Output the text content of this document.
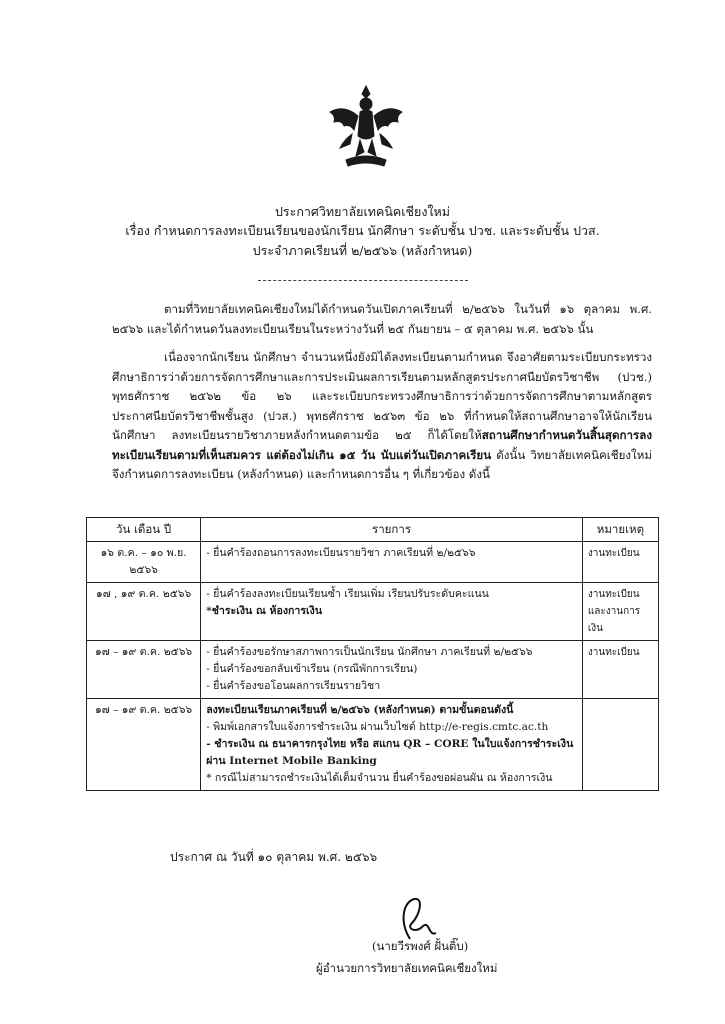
ประกาศวิทยาลัยเทคนิคเชียงใหม่
เรื่อง กำหนดการลงทะเบียนเรียนของนักเรียน นักศึกษา ระดับชั้น ปวช. และระดับชั้น ปวส.
ประจำภาคเรียนที่ ๒/๒๕๖๖ (หลังกำหนด)
ตามที่วิทยาลัยเทคนิคเชียงใหม่ได้กำหนดวันเปิดภาคเรียนที่ ๒/๒๕๖๖ ในวันที่ ๑๖ ตุลาคม พ.ศ. ๒๕๖๖ และได้กำหนดวันลงทะเบียนเรียนในระหว่างวันที่ ๒๕ กันยายน – ๕ ตุลาคม พ.ศ. ๒๕๖๖ นั้น
เนื่องจากนักเรียน นักศึกษา จำนวนหนึ่งยังมิได้ลงทะเบียนตามกำหนด จึงอาศัยตามระเบียบกระทรวงศึกษาธิการว่าด้วยการจัดการศึกษาและการประเมินผลการเรียนตามหลักสูตรประกาศนียบัตรวิชาชีพ (ปวช.) พุทธศักราช ๒๕๖๒ ข้อ ๒๖ และระเบียบกระทรวงศึกษาธิการว่าด้วยการจัดการศึกษาตามหลักสูตรประกาศนียบัตรวิชาชีพชั้นสูง (ปวส.) พุทธศักราช ๒๕๖๓ ข้อ ๒๖ ที่กำหนดให้สถานศึกษาอาจให้นักเรียน นักศึกษา ลงทะเบียนรายวิชาภายหลังกำหนดตามข้อ ๒๕ ก็ได้โดยให้สถานศึกษากำหนดวันสิ้นสุดการลงทะเบียนเรียนตามที่เห็นสมควร แต่ต้องไม่เกิน ๑๕ วัน นับแต่วันเปิดภาคเรียน ดังนั้น วิทยาลัยเทคนิคเชียงใหม่จึงกำหนดการลงทะเบียน (หลังกำหนด) และกำหนดการอื่น ๆ ที่เกี่ยวข้อง ดังนี้
วัน เดือน ปี	รายการ	หมายเหตุ
๑๖ ต.ค. – ๑๐ พ.ย. ๒๕๖๖	- ยื่นคำร้องถอนการลงทะเบียนรายวิชา ภาคเรียนที่ ๒/๒๕๖๖	งานทะเบียน
๑๗ , ๑๙ ต.ค. ๒๕๖๖	- ยื่นคำร้องลงทะเบียนเรียนซ้ำ เรียนเพิ่ม เรียนปรับระดับคะแนน
*ชำระเงิน ณ ห้องการเงิน	งานทะเบียนและงานการเงิน
๑๗ – ๑๙ ต.ค. ๒๕๖๖	- ยื่นคำร้องขอรักษาสภาพการเป็นนักเรียน นักศึกษา ภาคเรียนที่ ๒/๒๕๖๖
- ยื่นคำร้องขอกลับเข้าเรียน (กรณีพักการเรียน)
- ยื่นคำร้องขอโอนผลการเรียนรายวิชา	งานทะเบียน
๑๗ – ๑๙ ต.ค. ๒๕๖๖	ลงทะเบียนเรียนภาคเรียนที่ ๒/๒๕๖๖ (หลังกำหนด) ตามขั้นตอนดังนี้
- พิมพ์เอกสารใบแจ้งการชำระเงิน ผ่านเว็บไซต์ http://e-regis.cmtc.ac.th
- ชำระเงิน ณ ธนาคารกรุงไทย หรือ สแกน QR – CORE ในใบแจ้งการชำระเงินผ่าน Internet Mobile Banking
* กรณีไม่สามารถชำระเงินได้เต็มจำนวน ยื่นคำร้องขอผ่อนผัน ณ ห้องการเงิน	

ประกาศ ณ วันที่ ๑๐ ตุลาคม พ.ศ. ๒๕๖๖
(นายวีรพงศ์ ฝั้นติ๊บ)
ผู้อำนวยการวิทยาลัยเทคนิคเชียงใหม่
